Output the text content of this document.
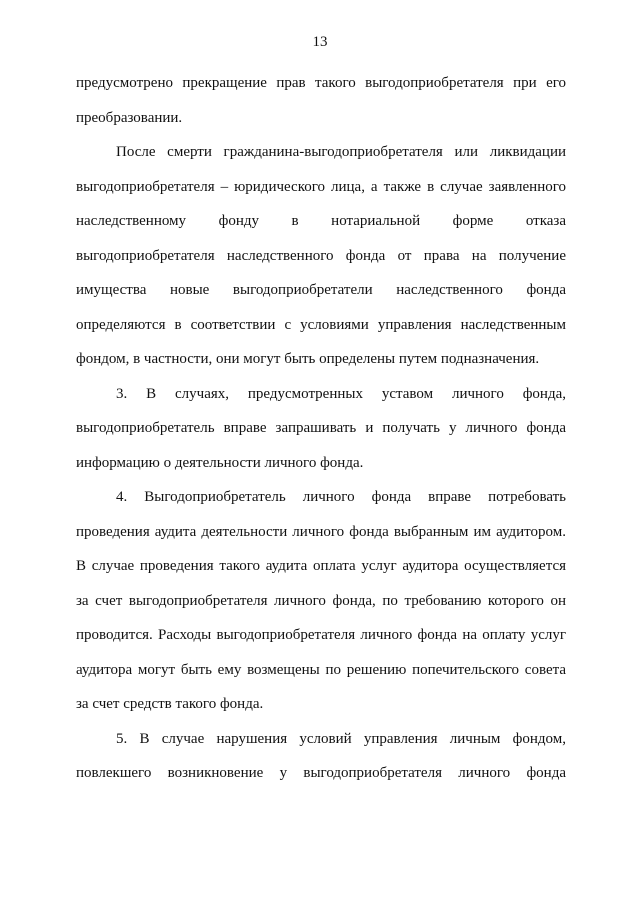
13
предусмотрено прекращение прав такого выгодоприобретателя при его
преобразовании.
После смерти гражданина-выгодоприобретателя или ликвидации
выгодоприобретателя – юридического лица, а также в случае заявленного
наследственному фонду в нотариальной форме отказа
выгодоприобретателя наследственного фонда от права на получение
имущества новые выгодоприобретатели наследственного фонда
определяются в соответствии с условиями управления наследственным
фондом, в частности, они могут быть определены путем подназначения.
3. В случаях, предусмотренных уставом личного фонда,
выгодоприобретатель вправе запрашивать и получать у личного фонда
информацию о деятельности личного фонда.
4. Выгодоприобретатель личного фонда вправе потребовать
проведения аудита деятельности личного фонда выбранным им аудитором.
В случае проведения такого аудита оплата услуг аудитора осуществляется
за счет выгодоприобретателя личного фонда, по требованию которого он
проводится. Расходы выгодоприобретателя личного фонда на оплату услуг
аудитора могут быть ему возмещены по решению попечительского совета
за счет средств такого фонда.
5. В случае нарушения условий управления личным фондом,
повлекшего возникновение у выгодоприобретателя личного фонда
